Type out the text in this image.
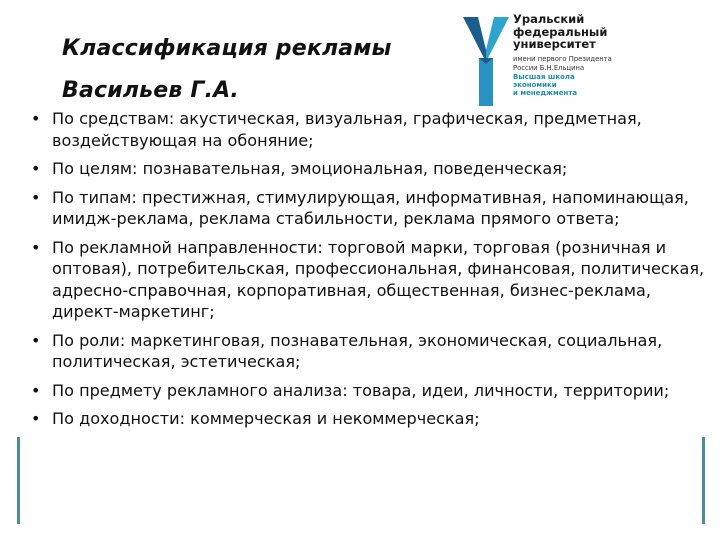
Классификация рекламы
Васильев Г.А.
Уральский
федеральный
университет
имени первого Президента
России Б.Н.Ельцина
Высшая школа
экономики
и менеджмента
• По средствам: акустическая, визуальная, графическая, предметная, воздействующая на обоняние;
• По целям: познавательная, эмоциональная, поведенческая;
• По типам: престижная, стимулирующая, информативная, напоминающая, имидж-реклама, реклама стабильности, реклама прямого ответа;
• По рекламной направленности: торговой марки, торговая (розничная и оптовая), потребительская, профессиональная, финансовая, политическая, адресно-справочная, корпоративная, общественная, бизнес-реклама, директ-маркетинг;
• По роли: маркетинговая, познавательная, экономическая, социальная, политическая, эстетическая;
• По предмету рекламного анализа: товара, идеи, личности, территории;
• По доходности: коммерческая и некоммерческая;
